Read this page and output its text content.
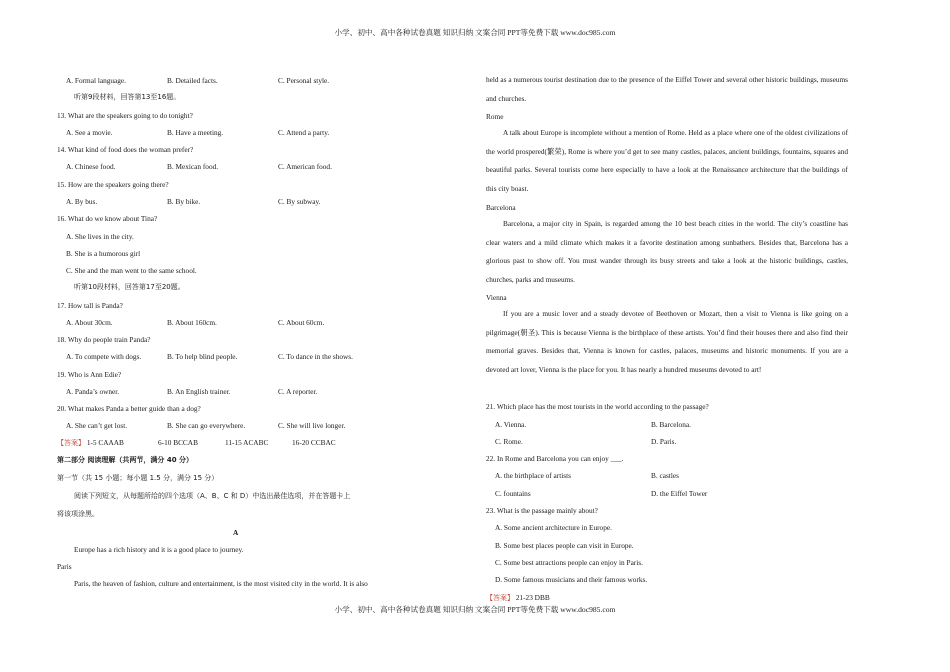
小学、初中、高中各种试卷真题 知识归纳 文案合同 PPT等免费下载 www.doc985.com
小学、初中、高中各种试卷真题 知识归纳 文案合同 PPT等免费下载 www.doc985.com
A. Formal language.	B. Detailed facts.	C. Personal style.
听第9段材料，回答第13至16题。
13. What are the speakers going to do tonight?
A. See a movie.	B. Have a meeting.	C. Attend a party.
14. What kind of food does the woman prefer?
A. Chinese food.	B. Mexican food.	C. American food.
15. How are the speakers going there?
A. By bus.	B. By bike.	C. By subway.
16. What do we know about Tina?
A. She lives in the city.
B. She is a humorous girl
C. She and the man went to the same school.
听第10段材料，回答第17至20题。
17. How tall is Panda?
A. About 30cm.	B. About 160cm.	C. About 60cm.
18. Why do people train Panda?
A. To compete with dogs.	B. To help blind people.	C. To dance in the shows.
19. Who is Ann Edie?
A. Panda’s owner.	B. An English trainer.	C. A reporter.
20. What makes Panda a better guide than a dog?
A. She can’t get lost.	B. She can go everywhere.	C. She will live longer.
【答案】 1-5 CAAAB	6-10 BCCAB	11-15 ACABC	16-20 CCBAC
第二部分 阅读理解（共两节，满分 40 分）
第一节（共 15 小题；每小题 1.5 分，满分 15 分）
阅读下列短文，从每题所给的四个选项（A、B、C 和 D）中选出最佳选项，并在答题卡上
将该项涂黑。
A
Europe has a rich history and it is a good place to journey.
Paris
Paris, the heaven of fashion, culture and entertainment, is the most visited city in the world. It is also
held as a numerous tourist destination due to the presence of the Eiffel Tower and several other historic buildings, museums and churches.
Rome
A talk about Europe is incomplete without a mention of Rome. Held as a place where one of the oldest civilizations of the world prospered(繁荣), Rome is where you’d get to see many castles, palaces, ancient buildings, fountains, squares and beautiful parks. Several tourists come here especially to have a look at the Renaissance architecture that the buildings of this city boast.
Barcelona
Barcelona, a major city in Spain, is regarded among the 10 best beach cities in the world. The city’s coastline has clear waters and a mild climate which makes it a favorite destination among sunbathers. Besides that, Barcelona has a glorious past to show off. You must wander through its busy streets and take a look at the historic buildings, castles, churches, parks and museums.
Vienna
If you are a music lover and a steady devotee of Beethoven or Mozart, then a visit to Vienna is like going on a pilgrimage(朝圣). This is because Vienna is the birthplace of these artists. You’d find their houses there and also find their memorial graves. Besides that, Vienna is known for castles, palaces, museums and historic monuments. If you are a devoted art lover, Vienna is the place for you. It has nearly a hundred museums devoted to art!
21. Which place has the most tourists in the world according to the passage?
A. Vienna.	B. Barcelona.
C. Rome.	D. Paris.
22. In Rome and Barcelona you can enjoy ___.
A. the birthplace of artists	B. castles
C. fountains	D. the Eiffel Tower
23. What is the passage mainly about?
A. Some ancient architecture in Europe.
B. Some best places people can visit in Europe.
C. Some best attractions people can enjoy in Paris.
D. Some famous musicians and their famous works.
【答案】 21-23 DBB
